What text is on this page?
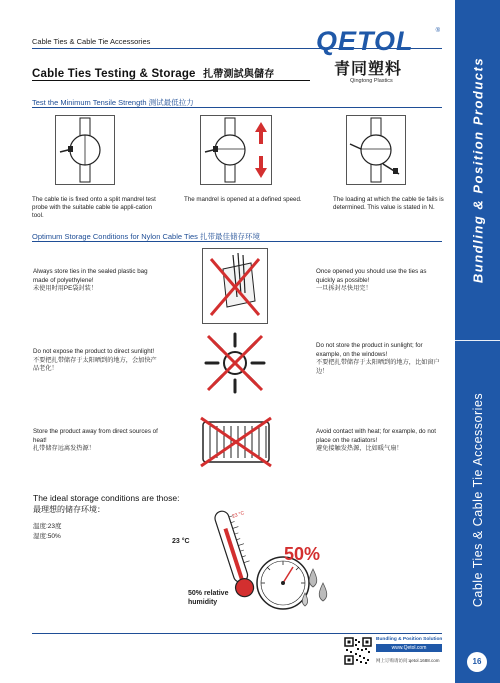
Cable Ties & Cable Tie Accessories
Cable Ties Testing & Storage 扎帶測試與儲存
QETOL	®
青同塑料
Qingtong Plastics
Test the Minimum Tensile Strength 测试最低拉力
The cable tie is fixed onto a split mandrel test probe with the suitable cable tie appli-cation tool.
The mandrel is opened at a defined speed.	The loading at which the cable tie fails is determined. This value is stated in N.
Optimum Storage Conditions for Nylon Cable Ties 扎带最佳储存环境
Always store ties in the sealed plastic bag made of polyethylene!
未使用时用PE袋封装！
Once opened you should use the ties as quickly as possible!
一旦拆封尽快用完！
Do not expose the product to direct sunlight!
不要把扎带储存于太阳晒到的地方，会加快产品老化！
Do not store the product in sunlight; for example, on the windows!
不要把扎带储存于太阳晒到的地方，比如窗户边！
Store the product away from direct sources of heat!
扎带储存远离发热源！
Avoid contact with heat; for example, do not place on the radiators!
避免接触发热源，比如暖气扇！
The ideal storage conditions are those:
最理想的储存环境：
温度:23度
湿度:50%
23 °C
23 °C
50%
50% relative
humidity
Bundling & Position Solution
www.Qetol.com
网上订购请访问:qetol.1688.com
Bundling & Position Products
Cable Ties & Cable Tie Accessories
16
